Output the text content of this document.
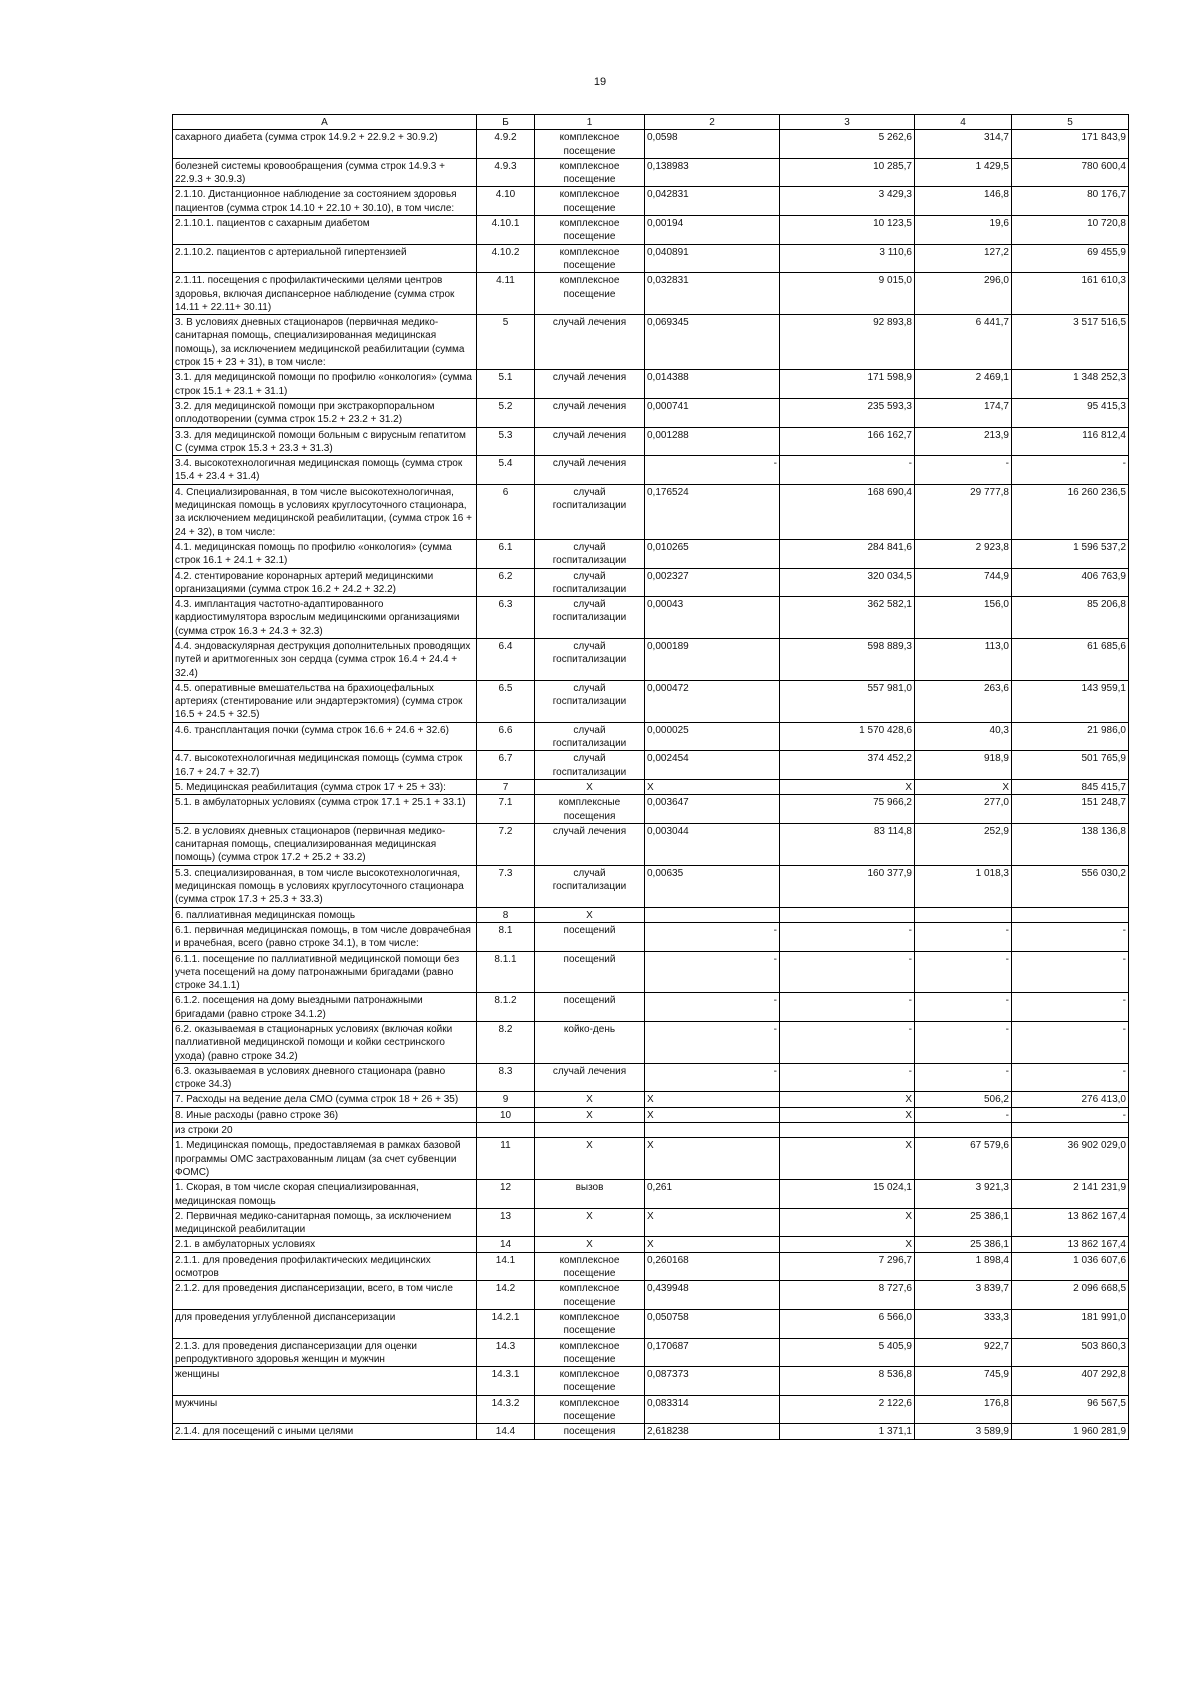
19
А	Б	1	2	3	4	5
сахарного диабета (сумма строк 14.9.2 + 22.9.2 + 30.9.2)	4.9.2	комплексное посещение	0,0598	5 262,6	314,7	171 843,9
болезней системы кровообращения (сумма строк 14.9.3 + 22.9.3 + 30.9.3)	4.9.3	комплексное посещение	0,138983	10 285,7	1 429,5	780 600,4
2.1.10. Дистанционное наблюдение за состоянием здоровья пациентов (сумма строк 14.10 + 22.10 + 30.10), в том числе:	4.10	комплексное посещение	0,042831	3 429,3	146,8	80 176,7
2.1.10.1. пациентов с сахарным диабетом	4.10.1	комплексное посещение	0,00194	10 123,5	19,6	10 720,8
2.1.10.2. пациентов с артериальной гипертензией	4.10.2	комплексное посещение	0,040891	3 110,6	127,2	69 455,9
2.1.11. посещения с профилактическими целями центров здоровья, включая диспансерное наблюдение (сумма строк 14.11 + 22.11+ 30.11)	4.11	комплексное посещение	0,032831	9 015,0	296,0	161 610,3
3. В условиях дневных стационаров (первичная медико-санитарная помощь, специализированная медицинская помощь), за исключением медицинской реабилитации (сумма строк 15 + 23 + 31), в том числе:	5	случай лечения	0,069345	92 893,8	6 441,7	3 517 516,5
3.1. для медицинской помощи по профилю «онкология» (сумма строк 15.1 + 23.1 + 31.1)	5.1	случай лечения	0,014388	171 598,9	2 469,1	1 348 252,3
3.2. для медицинской помощи при экстракорпоральном оплодотворении (сумма строк 15.2 + 23.2 + 31.2)	5.2	случай лечения	0,000741	235 593,3	174,7	95 415,3
3.3. для медицинской помощи больным с вирусным гепатитом С (сумма строк 15.3 + 23.3 + 31.3)	5.3	случай лечения	0,001288	166 162,7	213,9	116 812,4
3.4. высокотехнологичная медицинская помощь (сумма строк 15.4 + 23.4 + 31.4)	5.4	случай лечения	-	-	-	-
4. Специализированная, в том числе высокотехнологичная, медицинская помощь в условиях круглосуточного стационара, за исключением медицинской реабилитации, (сумма строк 16 + 24 + 32), в том числе:	6	случай госпитализации	0,176524	168 690,4	29 777,8	16 260 236,5
4.1. медицинская помощь по профилю «онкология» (сумма строк 16.1 + 24.1 + 32.1)	6.1	случай госпитализации	0,010265	284 841,6	2 923,8	1 596 537,2
4.2. стентирование коронарных артерий медицинскими организациями (сумма строк 16.2 + 24.2 + 32.2)	6.2	случай госпитализации	0,002327	320 034,5	744,9	406 763,9
4.3. имплантация частотно-адаптированного кардиостимулятора взрослым медицинскими организациями (сумма строк 16.3 + 24.3 + 32.3)	6.3	случай госпитализации	0,00043	362 582,1	156,0	85 206,8
4.4. эндоваскулярная деструкция дополнительных проводящих путей и аритмогенных зон сердца (сумма строк 16.4 + 24.4 + 32.4)	6.4	случай госпитализации	0,000189	598 889,3	113,0	61 685,6
4.5. оперативные вмешательства на брахиоцефальных артериях (стентирование или эндартерэктомия) (сумма строк 16.5 + 24.5 + 32.5)	6.5	случай госпитализации	0,000472	557 981,0	263,6	143 959,1
4.6. трансплантация почки (сумма строк 16.6 + 24.6 + 32.6)	6.6	случай госпитализации	0,000025	1 570 428,6	40,3	21 986,0
4.7. высокотехнологичная медицинская помощь (сумма строк 16.7 + 24.7 + 32.7)	6.7	случай госпитализации	0,002454	374 452,2	918,9	501 765,9
5. Медицинская реабилитация (сумма строк 17 + 25 + 33):	7	Х	Х	Х	Х	845 415,7
5.1. в амбулаторных условиях (сумма строк 17.1 + 25.1 + 33.1)	7.1	комплексные посещения	0,003647	75 966,2	277,0	151 248,7
5.2. в условиях дневных стационаров (первичная медико-санитарная помощь, специализированная медицинская помощь) (сумма строк 17.2 + 25.2 + 33.2)	7.2	случай лечения	0,003044	83 114,8	252,9	138 136,8
5.3. специализированная, в том числе высокотехнологичная, медицинская помощь в условиях круглосуточного стационара (сумма строк 17.3 + 25.3 + 33.3)	7.3	случай госпитализации	0,00635	160 377,9	1 018,3	556 030,2
6. паллиативная медицинская помощь	8	Х				
6.1. первичная медицинская помощь, в том числе доврачебная и врачебная, всего (равно строке 34.1), в том числе:	8.1	посещений	-	-	-	-
6.1.1. посещение по паллиативной медицинской помощи без учета посещений на дому патронажными бригадами (равно строке 34.1.1)	8.1.1	посещений	-	-	-	-
6.1.2. посещения на дому выездными патронажными бригадами (равно строке 34.1.2)	8.1.2	посещений	-	-	-	-
6.2. оказываемая в стационарных условиях (включая койки паллиативной медицинской помощи и койки сестринского ухода) (равно строке 34.2)	8.2	койко-день	-	-	-	-
6.3. оказываемая в условиях дневного стационара (равно строке 34.3)	8.3	случай лечения	-	-	-	-
7. Расходы на ведение дела СМО (сумма строк 18 + 26 + 35)	9	Х	Х	Х	506,2	276 413,0
8. Иные расходы (равно строке 36)	10	Х	Х	Х	-	-
из строки 20						
1. Медицинская помощь, предоставляемая в рамках базовой программы ОМС застрахованным лицам (за счет субвенции ФОМС)	11	Х	Х	Х	67 579,6	36 902 029,0
1. Скорая, в том числе скорая специализированная, медицинская помощь	12	вызов	0,261	15 024,1	3 921,3	2 141 231,9
2. Первичная медико-санитарная помощь, за исключением медицинской реабилитации	13	Х	Х	Х	25 386,1	13 862 167,4
2.1. в амбулаторных условиях	14	Х	Х	Х	25 386,1	13 862 167,4
2.1.1. для проведения профилактических медицинских осмотров	14.1	комплексное посещение	0,260168	7 296,7	1 898,4	1 036 607,6
2.1.2. для проведения диспансеризации, всего, в том числе	14.2	комплексное посещение	0,439948	8 727,6	3 839,7	2 096 668,5
для проведения углубленной диспансеризации	14.2.1	комплексное посещение	0,050758	6 566,0	333,3	181 991,0
2.1.3. для проведения диспансеризации для оценки репродуктивного здоровья женщин и мужчин	14.3	комплексное посещение	0,170687	5 405,9	922,7	503 860,3
женщины	14.3.1	комплексное посещение	0,087373	8 536,8	745,9	407 292,8
мужчины	14.3.2	комплексное посещение	0,083314	2 122,6	176,8	96 567,5
2.1.4. для посещений с иными целями	14.4	посещения	2,618238	1 371,1	3 589,9	1 960 281,9
